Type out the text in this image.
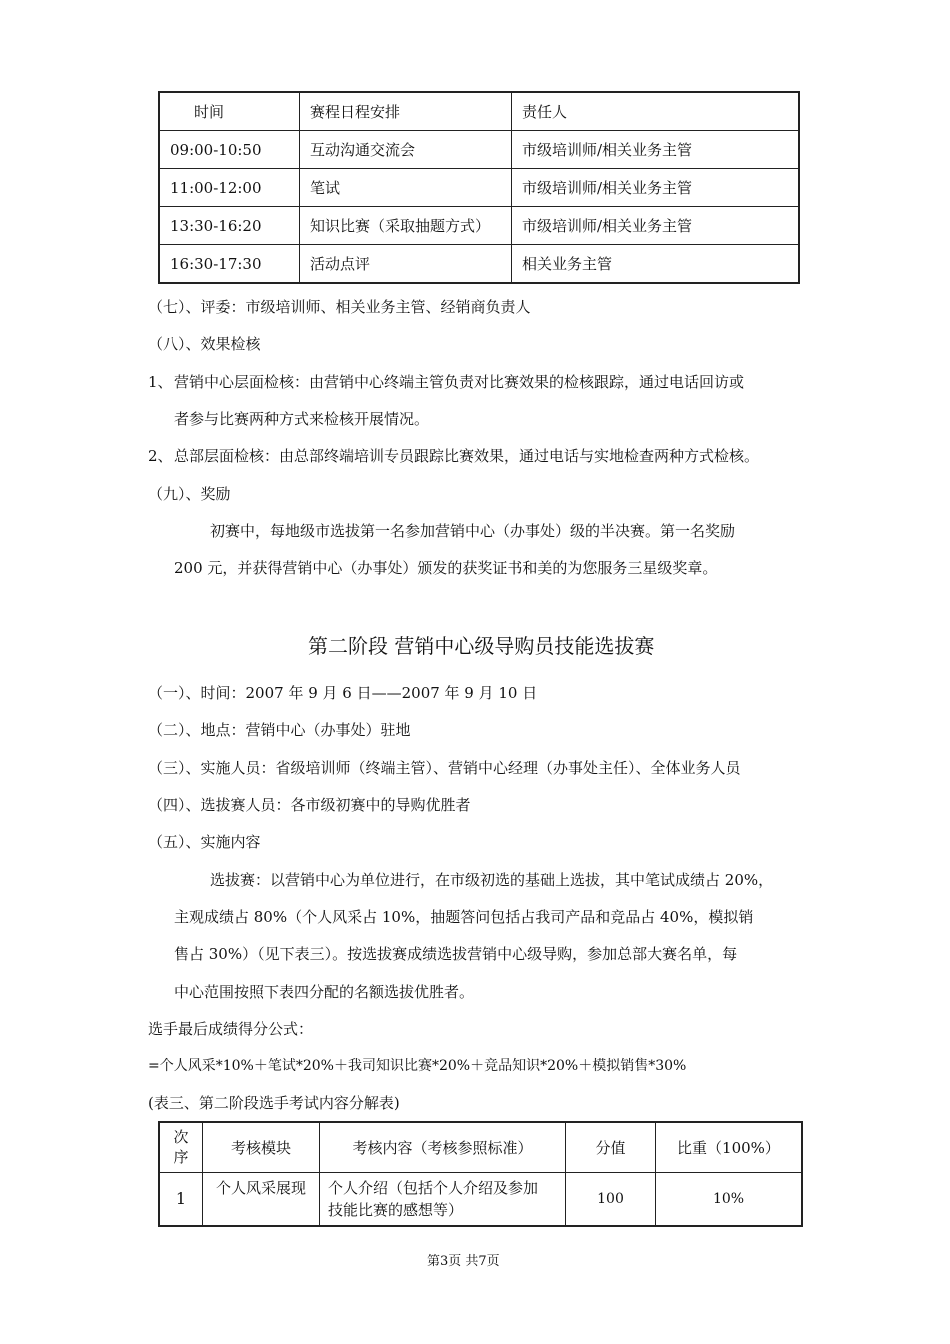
时间	赛程日程安排	责任人
09:00-10:50	互动沟通交流会	市级培训师/相关业务主管
11:00-12:00	笔试	市级培训师/相关业务主管
13:30-16:20	知识比赛（采取抽题方式）	市级培训师/相关业务主管
16:30-17:30	活动点评	相关业务主管
（七）、评委：市级培训师、相关业务主管、经销商负责人
（八）、效果检核
1、 营销中心层面检核：由营销中心终端主管负责对比赛效果的检核跟踪，通过电话回访或
者参与比赛两种方式来检核开展情况。
2、 总部层面检核：由总部终端培训专员跟踪比赛效果，通过电话与实地检查两种方式检核。
（九）、奖励
初赛中，每地级市选拔第一名参加营销中心（办事处）级的半决赛。第一名奖励
200 元，并获得营销中心（办事处）颁发的获奖证书和美的为您服务三星级奖章。
第二阶段 营销中心级导购员技能选拔赛
（一）、时间：2007 年 9 月 6 日——2007 年 9 月 10 日
（二）、地点：营销中心（办事处）驻地
（三）、实施人员：省级培训师（终端主管）、营销中心经理（办事处主任）、全体业务人员
（四）、选拔赛人员：各市级初赛中的导购优胜者
（五）、实施内容
选拔赛：以营销中心为单位进行，在市级初选的基础上选拔，其中笔试成绩占 20%，
主观成绩占 80%（个人风采占 10%，抽题答问包括占我司产品和竞品占 40%，模拟销
售占 30%）（见下表三）。按选拔赛成绩选拔营销中心级导购，参加总部大赛名单，每
中心范围按照下表四分配的名额选拔优胜者。
选手最后成绩得分公式：
=个人风采*10%＋笔试*20%＋我司知识比赛*20%＋竞品知识*20%＋模拟销售*30%
(表三、第二阶段选手考试内容分解表)
次
序	考核模块	考核内容（考核参照标准）	分值	比重（100%）
1	个人风采展现	个人介绍（包括个人介绍及参加
技能比赛的感想等）	100	10%
第3页 共7页
